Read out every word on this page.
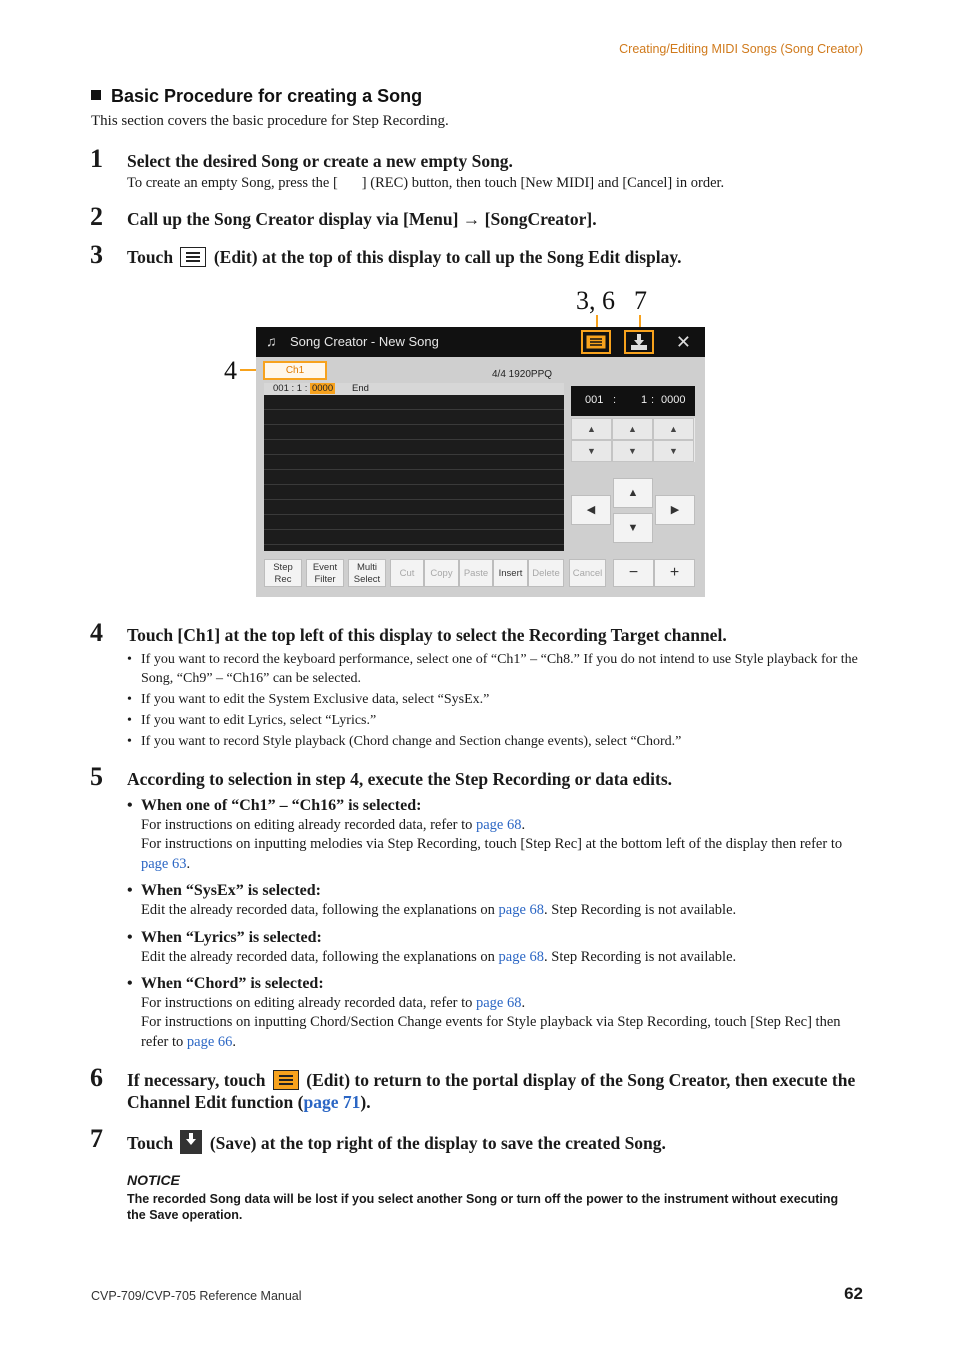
Creating/Editing MIDI Songs (Song Creator)
Basic Procedure for creating a Song
This section covers the basic procedure for Step Recording.
1 Select the desired Song or create a new empty Song.
To create an empty Song, press the [ ] (REC) button, then touch [New MIDI] and [Cancel] in order.
2 Call up the Song Creator display via [Menu] → [SongCreator].
3 Touch (Edit) at the top of this display to call up the Song Edit display.
3, 6 7
4
♫ Song Creator - New Song	✕
Ch1	4/4 1920PPQ
001 : 1 : 0000 End
001 : 1 : 0000
▲	▲	▲
▼	▼	▼
▲
◀	▶
▼
Step
Rec
Event
Filter
Multi
Select
Cut	Copy	Paste	Insert	Delete	Cancel	−	+
4 Touch [Ch1] at the top left of this display to select the Recording Target channel.
• If you want to record the keyboard performance, select one of “Ch1” – “Ch8.” If you do not intend to use Style playback for the Song, “Ch9” – “Ch16” can be selected.
• If you want to edit the System Exclusive data, select “SysEx.”
• If you want to edit Lyrics, select “Lyrics.”
• If you want to record Style playback (Chord change and Section change events), select “Chord.”
5 According to selection in step 4, execute the Step Recording or data edits.
• When one of “Ch1” – “Ch16” is selected:
For instructions on editing already recorded data, refer to page 68.
For instructions on inputting melodies via Step Recording, touch [Step Rec] at the bottom left of the display then refer to page 63.
• When “SysEx” is selected:
Edit the already recorded data, following the explanations on page 68. Step Recording is not available.
• When “Lyrics” is selected:
Edit the already recorded data, following the explanations on page 68. Step Recording is not available.
• When “Chord” is selected:
For instructions on editing already recorded data, refer to page 68.
For instructions on inputting Chord/Section Change events for Style playback via Step Recording, touch [Step Rec] then refer to page 66.
6 If necessary, touch (Edit) to return to the portal display of the Song Creator, then execute the Channel Edit function (page 71).
7 Touch (Save) at the top right of the display to save the created Song.
NOTICE
The recorded Song data will be lost if you select another Song or turn off the power to the instrument without executing the Save operation.
CVP-709/CVP-705 Reference Manual	62
